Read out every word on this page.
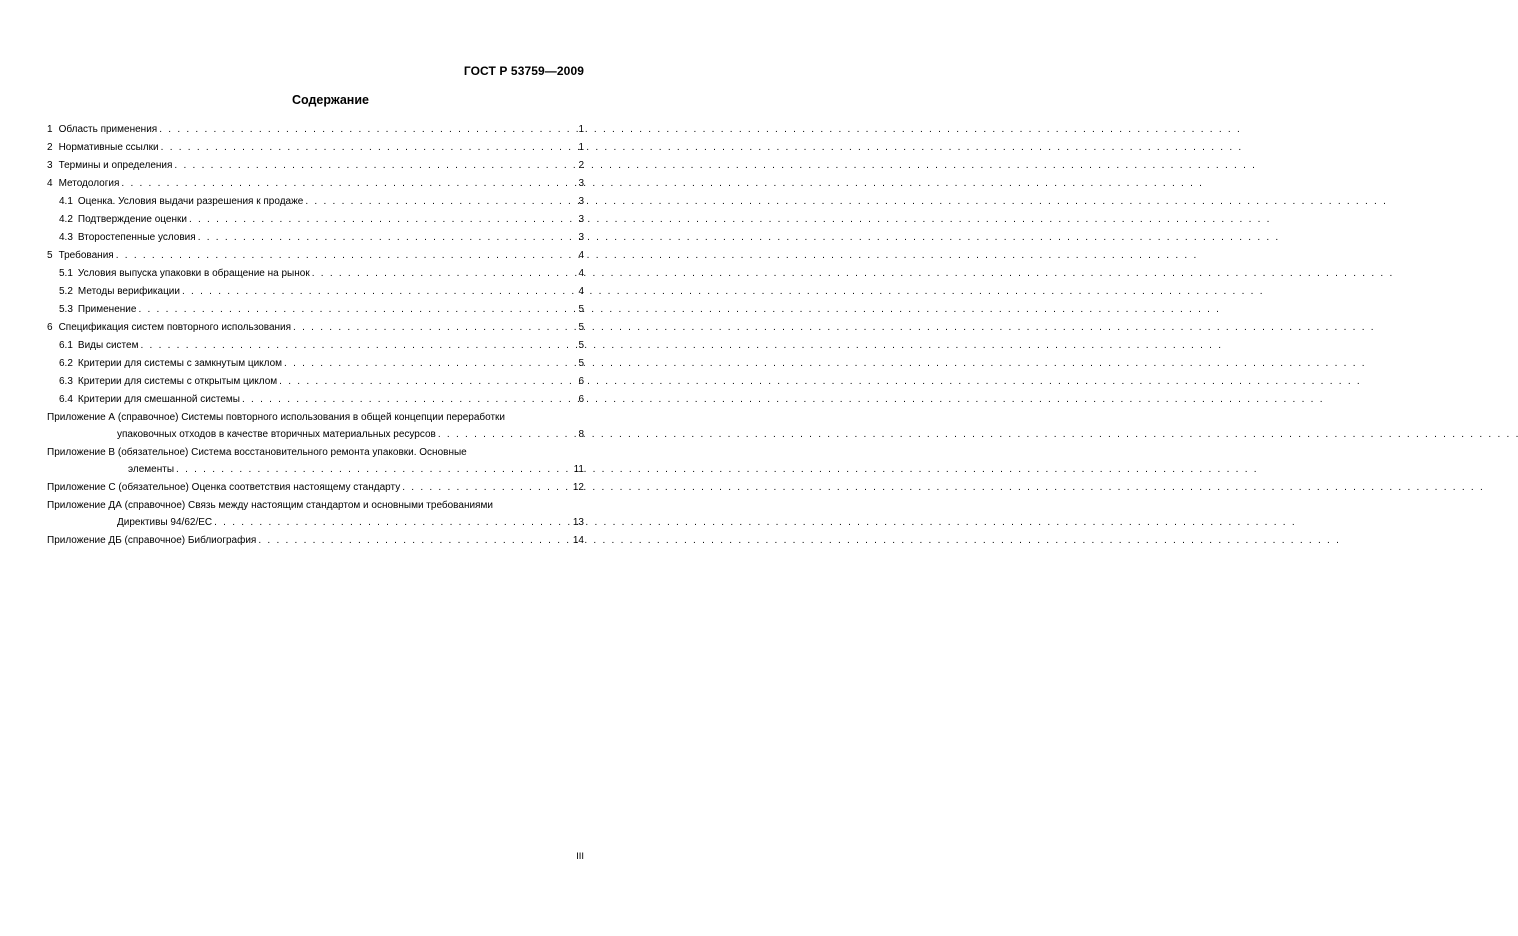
ГОСТ Р 53759—2009
Содержание
1 Область применения . . .	1
2 Нормативные ссылки . . .	1
3 Термины и определения . . .	2
4 Методология . . .	3
4.1 Оценка. Условия выдачи разрешения к продаже . . .	3
4.2 Подтверждение оценки . . .	3
4.3 Второстепенные условия . . .	3
5 Требования . . .	4
5.1 Условия выпуска упаковки в обращение на рынок . . .	4
5.2 Методы верификации . . .	4
5.3 Применение . . .	5
6 Спецификация систем повторного использования . . .	5
6.1 Виды систем . . .	5
6.2 Критерии для системы с замкнутым циклом . . .	5
6.3 Критерии для системы с открытым циклом . . .	6
6.4 Критерии для смешанной системы . . .	6
Приложение А (справочное) Системы повторного использования в общей концепции переработки
упаковочных отходов в качестве вторичных материальных ресурсов . . .	8
Приложение В (обязательное) Система восстановительного ремонта упаковки. Основные
элементы . . .	11
Приложение С (обязательное) Оценка соответствия настоящему стандарту . . .	12
Приложение ДА (справочное) Связь между настоящим стандартом и основными требованиями
Директивы 94/62/ЕС . . .	13
Приложение ДБ (справочное) Библиография . . .	14
III
